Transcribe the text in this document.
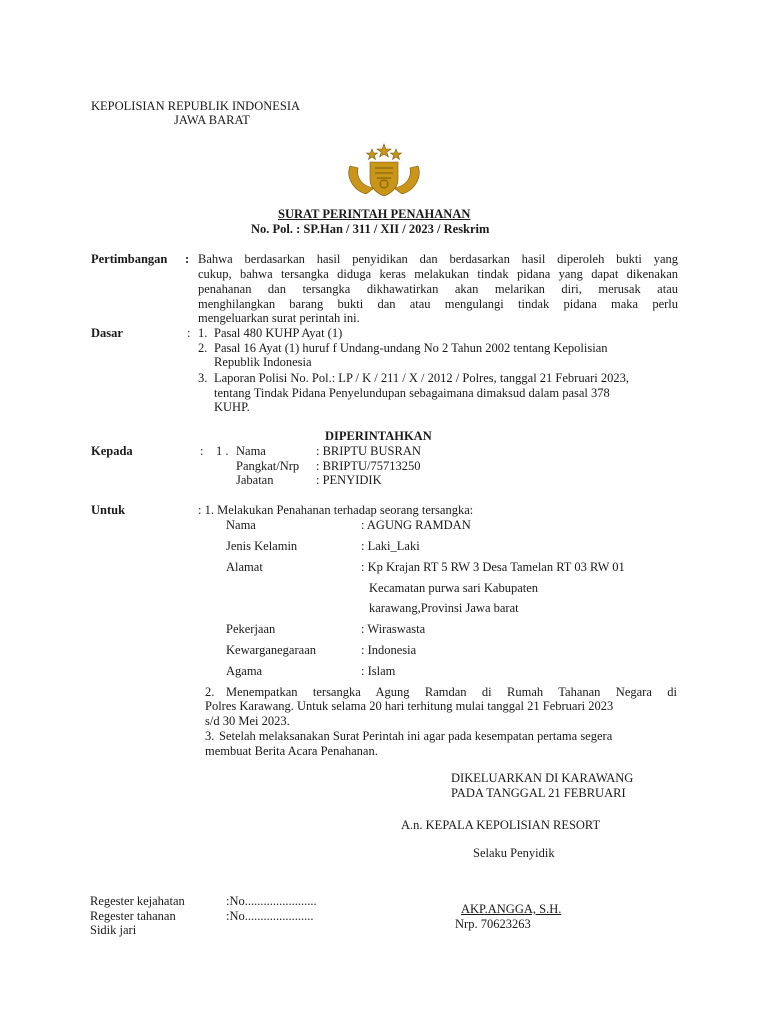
KEPOLISIAN REPUBLIK INDONESIA
JAWA BARAT
SURAT PERINTAH PENAHANAN
No. Pol. : SP.Han / 311 / XII / 2023 / Reskrim
Pertimbangan : Bahwa berdasarkan hasil penyidikan dan berdasarkan hasil diperoleh bukti yang
cukup, bahwa tersangka diduga keras melakukan tindak pidana yang dapat dikenakan
penahanan dan tersangka dikhawatirkan akan melarikan diri, merusak atau
menghilangkan barang bukti dan atau mengulangi tindak pidana maka perlu
mengeluarkan surat perintah ini.
Dasar	: 1. Pasal 480 KUHP Ayat (1)
2. Pasal 16 Ayat (1) huruf f Undang-undang No 2 Tahun 2002 tentang Kepolisian
Republik Indonesia
3. Laporan Polisi No. Pol.: LP / K / 211 / X / 2012 / Polres, tanggal 21 Februari 2023,
tentang Tindak Pidana Penyelundupan sebagaimana dimaksud dalam pasal 378
KUHP.
DIPERINTAHKAN
Kepada	: 1 . Nama	: BRIPTU BUSRAN
Pangkat/Nrp : BRIPTU/75713250
Jabatan	: PENYIDIK
Untuk	: 1. Melakukan Penahanan terhadap seorang tersangka:
Nama	: AGUNG RAMDAN
Jenis Kelamin	: Laki_Laki
Alamat	: Kp Krajan RT 5 RW 3 Desa Tamelan RT 03 RW 01
Kecamatan purwa sari Kabupaten
karawang,Provinsi Jawa barat
Pekerjaan	: Wiraswasta
Kewarganegaraan	: Indonesia
Agama	: Islam
2. Menempatkan tersangka Agung Ramdan di Rumah Tahanan Negara di
Polres Karawang. Untuk selama 20 hari terhitung mulai tanggal 21 Februari 2023
s/d 30 Mei 2023.
3. Setelah melaksanakan Surat Perintah ini agar pada kesempatan pertama segera
membuat Berita Acara Penahanan.
DIKELUARKAN DI KARAWANG
PADA TANGGAL 21 FEBRUARI
A.n. KEPALA KEPOLISIAN RESORT
Selaku Penyidik
AKP.ANGGA, S.H.
Nrp. 70623263
Regester kejahatan	:No.......................
Regester tahanan	:No......................
Sidik jari
